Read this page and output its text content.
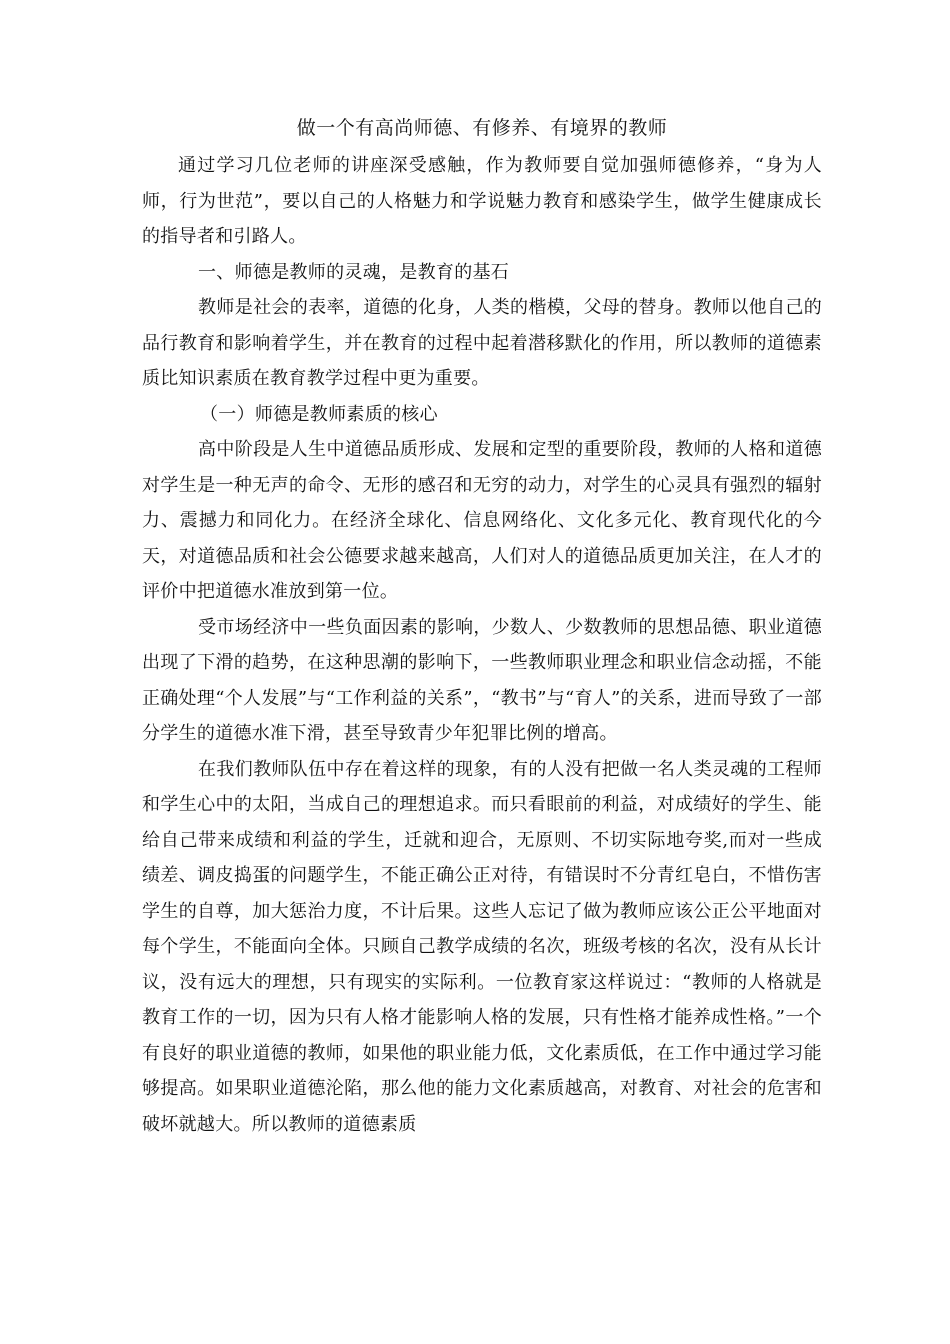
做一个有高尚师德、有修养、有境界的教师

通过学习几位老师的讲座深受感触，作为教师要自觉加强师德修养，“身为人师，行为世范”，要以自己的人格魅力和学说魅力教育和感染学生，做学生健康成长的指导者和引路人。

一、师德是教师的灵魂，是教育的基石

教师是社会的表率，道德的化身，人类的楷模，父母的替身。教师以他自己的品行教育和影响着学生，并在教育的过程中起着潜移默化的作用，所以教师的道德素质比知识素质在教育教学过程中更为重要。

（一）师德是教师素质的核心

高中阶段是人生中道德品质形成、发展和定型的重要阶段，教师的人格和道德对学生是一种无声的命令、无形的感召和无穷的动力，对学生的心灵具有强烈的辐射力、震撼力和同化力。在经济全球化、信息网络化、文化多元化、教育现代化的今天，对道德品质和社会公德要求越来越高，人们对人的道德品质更加关注，在人才的评价中把道德水准放到第一位。

受市场经济中一些负面因素的影响，少数人、少数教师的思想品德、职业道德出现了下滑的趋势，在这种思潮的影响下，一些教师职业理念和职业信念动摇，不能正确处理“个人发展”与“工作利益的关系”，“教书”与“育人”的关系，进而导致了一部分学生的道德水准下滑，甚至导致青少年犯罪比例的增高。

在我们教师队伍中存在着这样的现象，有的人没有把做一名人类灵魂的工程师和学生心中的太阳，当成自己的理想追求。而只看眼前的利益，对成绩好的学生、能给自己带来成绩和利益的学生，迁就和迎合，无原则、不切实际地夸奖,而对一些成绩差、调皮捣蛋的问题学生，不能正确公正对待，有错误时不分青红皂白，不惜伤害学生的自尊，加大惩治力度，不计后果。这些人忘记了做为教师应该公正公平地面对每个学生，不能面向全体。只顾自己教学成绩的名次，班级考核的名次，没有从长计议，没有远大的理想，只有现实的实际利。一位教育家这样说过：“教师的人格就是教育工作的一切，因为只有人格才能影响人格的发展，只有性格才能养成性格。”一个有良好的职业道德的教师，如果他的职业能力低，文化素质低，在工作中通过学习能够提高。如果职业道德沦陷，那么他的能力文化素质越高，对教育、对社会的危害和破坏就越大。所以教师的道德素质
